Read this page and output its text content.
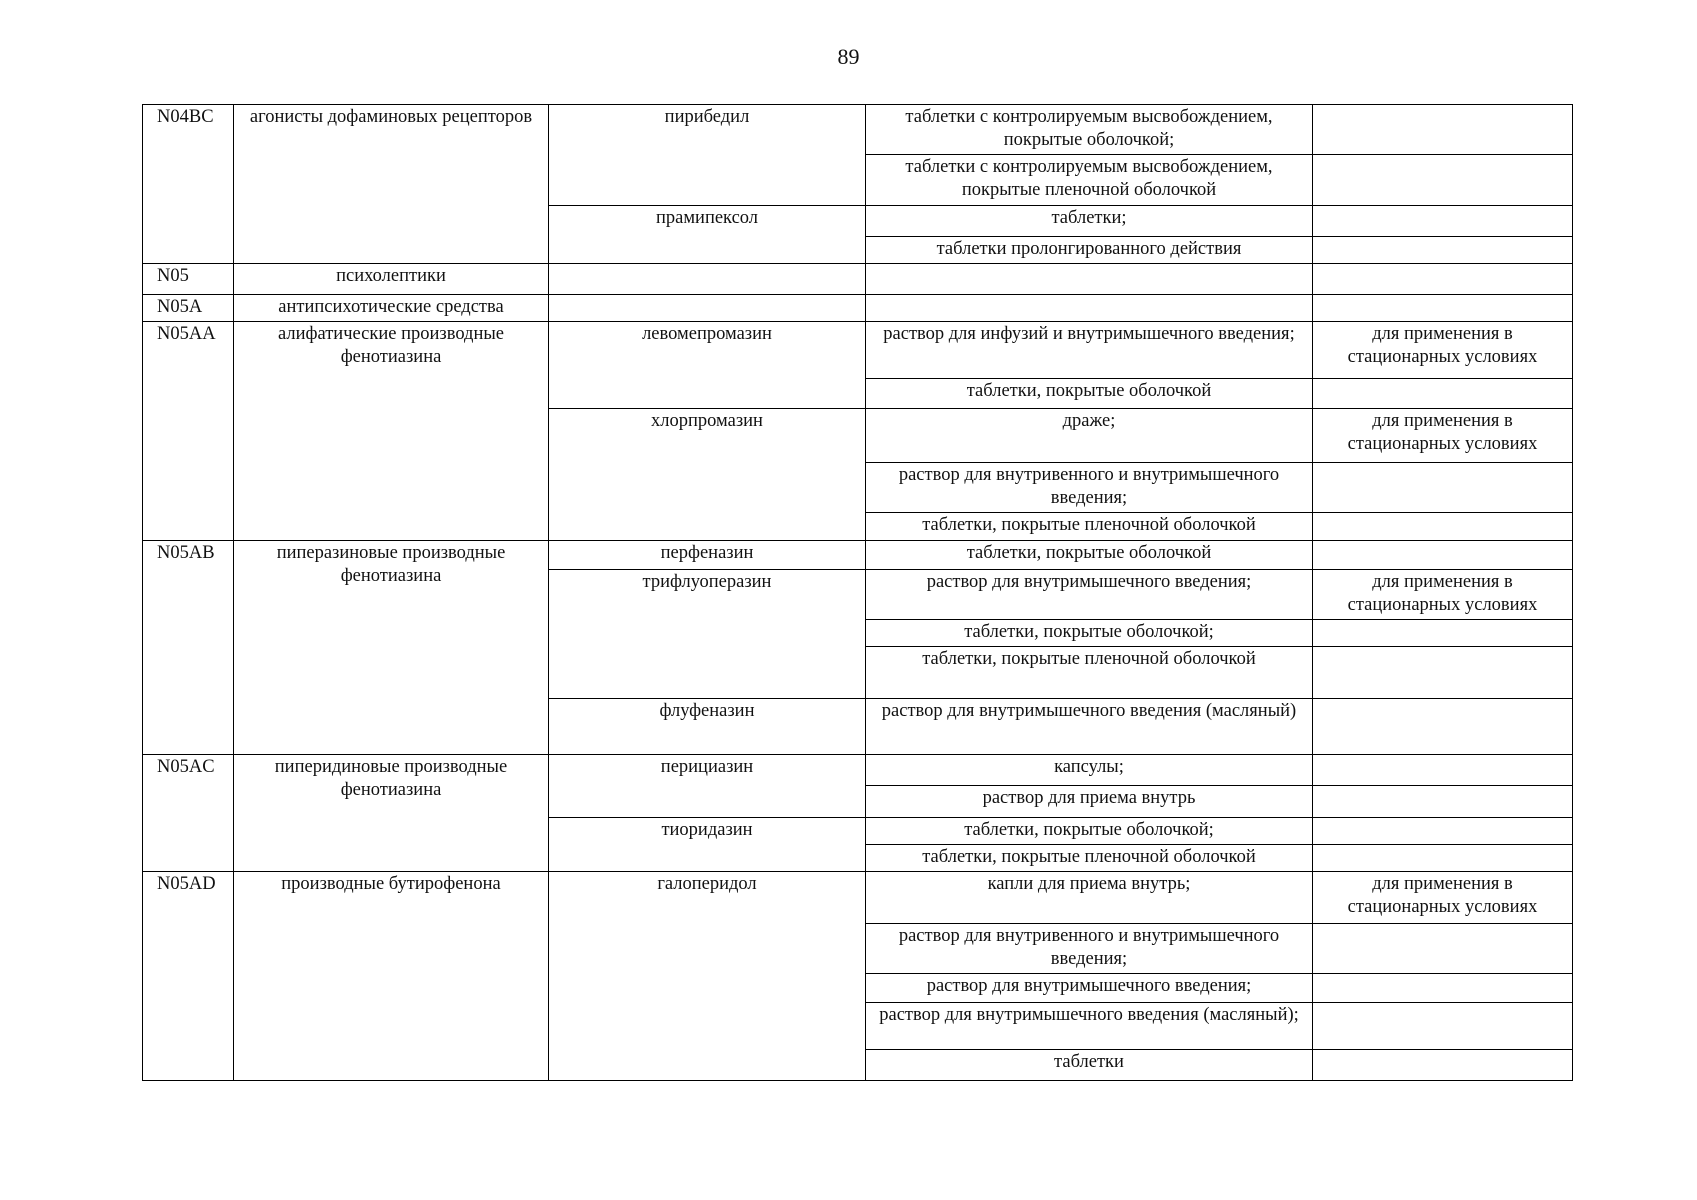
89
N04BC	агонисты дофаминовых рецепторов	пирибедил	таблетки с контролируемым высвобождением, покрытые оболочкой;	
			таблетки с контролируемым высвобождением, покрытые пленочной оболочкой	
		прамипексол	таблетки;	
			таблетки пролонгированного действия	
N05	психолептики			
N05A	антипсихотические средства			
N05AA	алифатические производные фенотиазина	левомепромазин	раствор для инфузий и внутримышечного введения;	для применения в стационарных условиях
			таблетки, покрытые оболочкой	
		хлорпромазин	драже;	для применения в стационарных условиях
			раствор для внутривенного и внутримышечного введения;	
			таблетки, покрытые пленочной оболочкой	
N05AB	пиперазиновые производные фенотиазина	перфеназин	таблетки, покрытые оболочкой	
		трифлуоперазин	раствор для внутримышечного введения;	для применения в стационарных условиях
			таблетки, покрытые оболочкой;	
			таблетки, покрытые пленочной оболочкой	
		флуфеназин	раствор для внутримышечного введения (масляный)	
N05AC	пиперидиновые производные фенотиазина	перициазин	капсулы;	
			раствор для приема внутрь	
		тиоридазин	таблетки, покрытые оболочкой;	
			таблетки, покрытые пленочной оболочкой	
N05AD	производные бутирофенона	галоперидол	капли для приема внутрь;	для применения в стационарных условиях
			раствор для внутривенного и внутримышечного введения;	
			раствор для внутримышечного введения;	
			раствор для внутримышечного введения (масляный);	
			таблетки	
